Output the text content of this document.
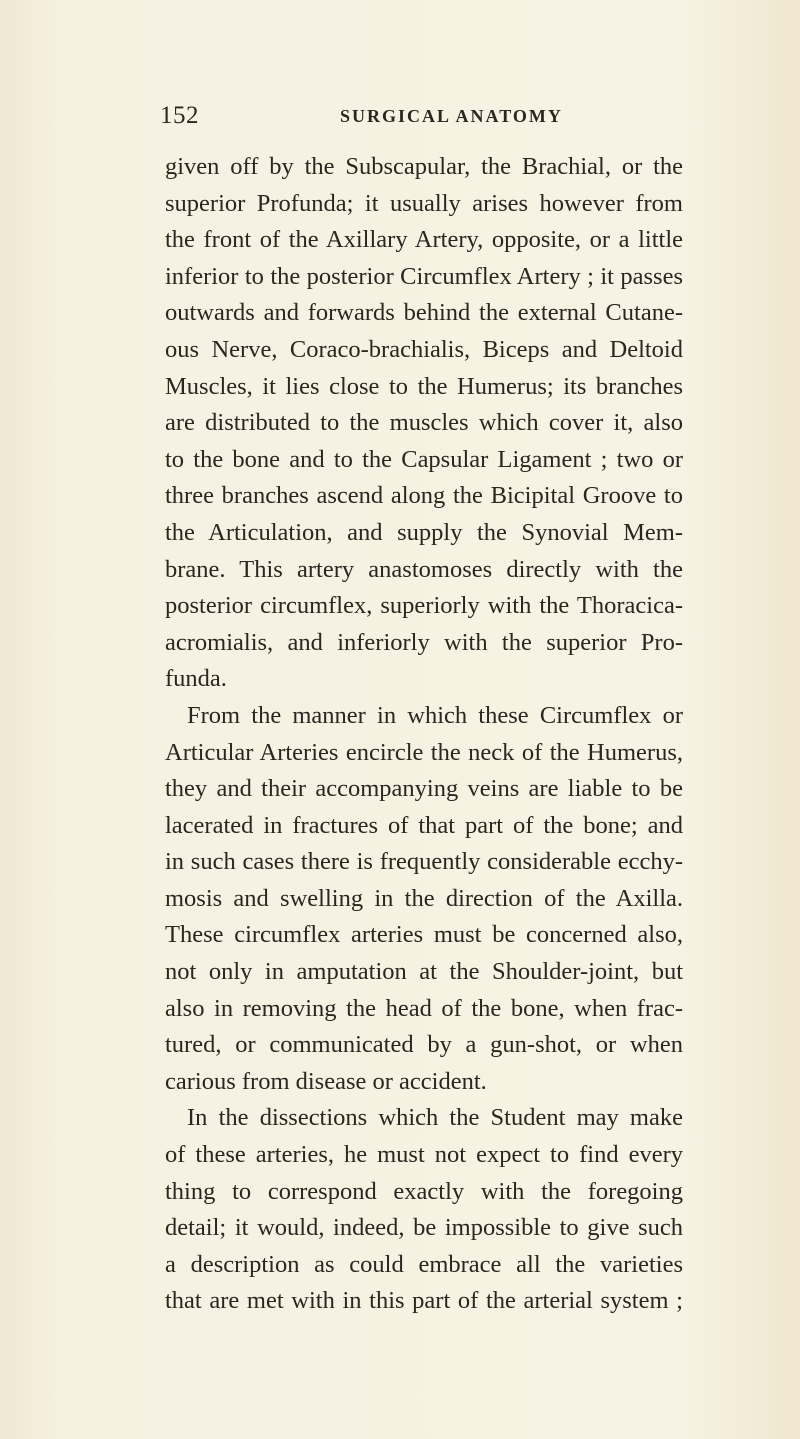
152	SURGICAL ANATOMY
given off by the Subscapular, the Brachial, or the
superior Profunda; it usually arises however from
the front of the Axillary Artery, opposite, or a little
inferior to the posterior Circumflex Artery ; it passes
outwards and forwards behind the external Cutane-
ous Nerve, Coraco-brachialis, Biceps and Deltoid
Muscles, it lies close to the Humerus; its branches
are distributed to the muscles which cover it, also
to the bone and to the Capsular Ligament ; two or
three branches ascend along the Bicipital Groove to
the Articulation, and supply the Synovial Mem-
brane. This artery anastomoses directly with the
posterior circumflex, superiorly with the Thoracica-
acromialis, and inferiorly with the superior Pro-
funda.
From the manner in which these Circumflex or
Articular Arteries encircle the neck of the Humerus,
they and their accompanying veins are liable to be
lacerated in fractures of that part of the bone; and
in such cases there is frequently considerable ecchy-
mosis and swelling in the direction of the Axilla.
These circumflex arteries must be concerned also,
not only in amputation at the Shoulder-joint, but
also in removing the head of the bone, when frac-
tured, or communicated by a gun-shot, or when
carious from disease or accident.
In the dissections which the Student may make
of these arteries, he must not expect to find every
thing to correspond exactly with the foregoing
detail; it would, indeed, be impossible to give such
a description as could embrace all the varieties
that are met with in this part of the arterial system ;
